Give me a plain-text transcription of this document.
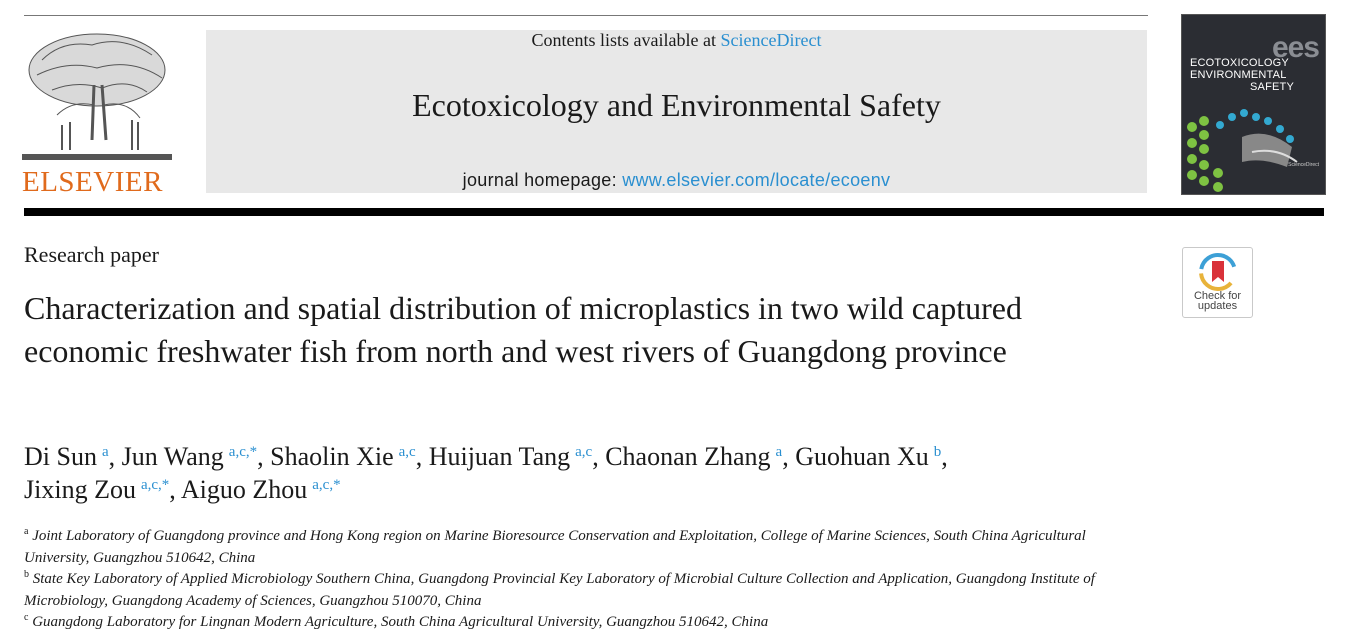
ELSEVIER
Contents lists available at ScienceDirect
Ecotoxicology and Environmental Safety
journal homepage: www.elsevier.com/locate/ecoenv
ees
ECOTOXICOLOGY
ENVIRONMENTAL
SAFETY
ScienceDirect
Research paper
Check for
updates
Characterization and spatial distribution of microplastics in two wild captured economic freshwater fish from north and west rivers of Guangdong province
Di Sun $^a$, Jun Wang $^{a,c,*}$, Shaolin Xie $^{a,c}$, Huijuan Tang $^{a,c}$, Chaonan Zhang $^a$, Guohuan Xu $^b$,
Jixing Zou $^{a,c,*}$, Aiguo Zhou $^{a,c,*}$
$^a$ Joint Laboratory of Guangdong province and Hong Kong region on Marine Bioresource Conservation and Exploitation, College of Marine Sciences, South China Agricultural University, Guangzhou 510642, China
$^b$ State Key Laboratory of Applied Microbiology Southern China, Guangdong Provincial Key Laboratory of Microbial Culture Collection and Application, Guangdong Institute of Microbiology, Guangdong Academy of Sciences, Guangzhou 510070, China
$^c$ Guangdong Laboratory for Lingnan Modern Agriculture, South China Agricultural University, Guangzhou 510642, China
